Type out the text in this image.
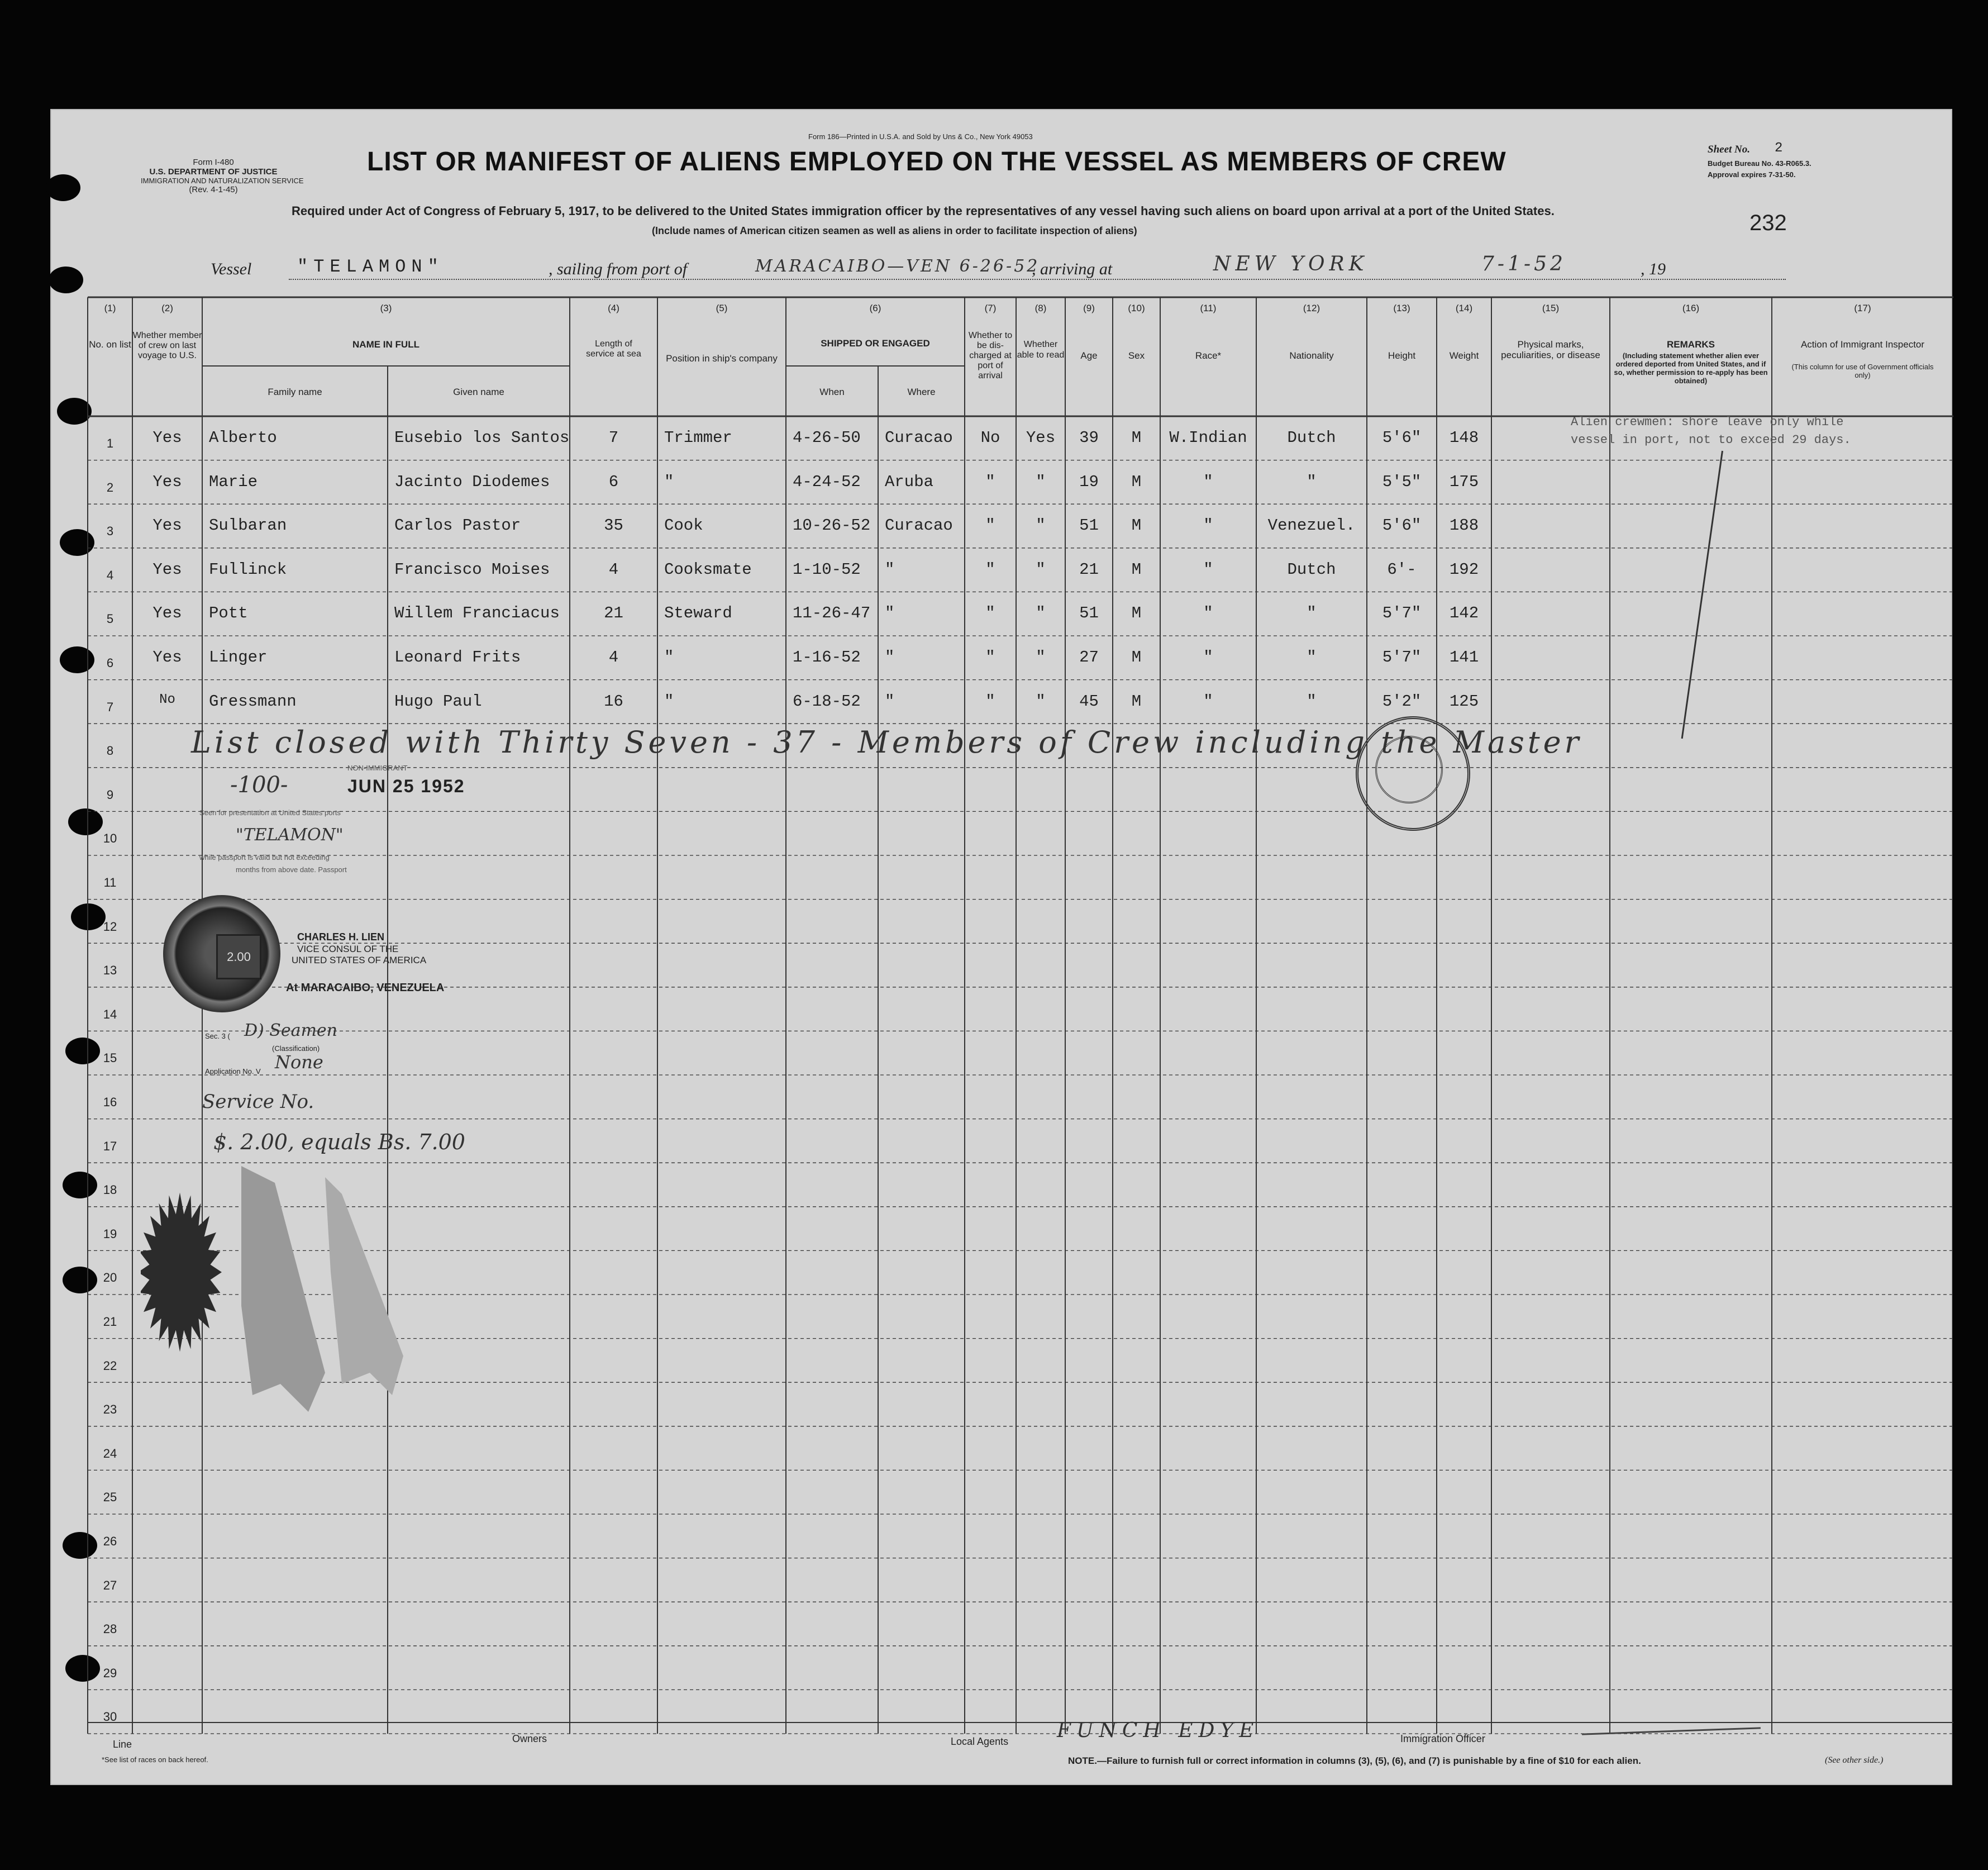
Form I-480
U.S. DEPARTMENT OF JUSTICE
IMMIGRATION AND NATURALIZATION SERVICE
(Rev. 4-1-45)
Form 186—Printed in U.S.A. and Sold by Uns & Co., New York 49053
LIST OR MANIFEST OF ALIENS EMPLOYED ON THE VESSEL AS MEMBERS OF CREW
Required under Act of Congress of February 5, 1917, to be delivered to the United States immigration officer by the representatives of any vessel having such aliens on board upon arrival at a port of the United States.
(Include names of American citizen seamen as well as aliens in order to facilitate inspection of aliens)
Sheet No. 2
Budget Bureau No. 43-R065.3.
Approval expires 7-31-50.
232
Vessel	"TELAMON"	, sailing from port of	MARACAIBO—VEN 6-26-52
, arriving at	NEW YORK	7-1-52	, 19
(1)	(2)	(3)	(4)	(5)	(6)	(7)	(8)	(9)	(10)	(11)	(12)	(13)	(14)	(15)	(16)	(17)
No. on list
Whether member of crew on last voyage to U.S.
NAME IN FULL
Family name	Given name
Length of service at sea	Position in ship's company
SHIPPED OR ENGAGED
When	Where
Whether to be dis-charged at port of arrival
Whether able to read	Age	Sex	Race*	Nationality	Height	Weight
Physical marks, peculiarities, or disease
REMARKS
(Including statement whether alien ever ordered deported from United States, and if so, whether permission to re-apply has been obtained)
Action of Immigrant Inspector
(This column for use of Government officials only)
1	Yes	Alberto	Eusebio los Santos	7	Trimmer	4-26-50 Curacao	No	Yes	39	M	W.Indian	Dutch	5'6"	148
2	Yes	Marie	Jacinto Diodemes	6	"	4-24-52 Aruba	"	"	19	M	"	"	5'5"	175
3	Yes	Sulbaran	Carlos Pastor	35	Cook	10-26-52 Curacao	"	"	51	M	"	Venezuel.	5'6"	188
4	Yes	Fullinck	Francisco Moises	4	Cooksmate	1-10-52 "	"	"	21	M	"	Dutch	6'-	192
5	Yes	Pott	Willem Franciacus	21	Steward	11-26-47 "	"	"	51	M	"	"	5'7"	142
6	Yes	Linger	Leonard Frits	4	"	1-16-52 "	"	"	27	M	"	"	5'7"	141
7	No	Gressmann	Hugo Paul	16	"	6-18-52 "	"	"	45	M	"	"	5'2"	125
8
9
10
11
12
13
14
15
16
17
18
19
20
21
22
23
24
25
26
27
28
29
30
Alien crewmen: shore leave only while vessel in port, not to exceed 29 days.
List closed with Thirty Seven - 37 - Members of Crew including the Master
-100-	JUN 25 1952
NON-IMMIGRANT
Seen for presentation at United States ports
"TELAMON"
while passport is valid but not exceeding
months from above date. Passport
2.00
CHARLES H. LIEN
VICE CONSUL OF THE
UNITED STATES OF AMERICA
At MARACAIBO, VENEZUELA
Sec. 3 ( D) Seamen
(Classification)
Application No. V None
Service No.
$. 2.00, equals Bs. 7.00
Line	Owners	Local Agents FUNCH EDYE	Immigration Officer
*See list of races on back hereof.	NOTE.—Failure to furnish full or correct information in columns (3), (5), (6), and (7) is punishable by a fine of $10 for each alien.	(See other side.)
